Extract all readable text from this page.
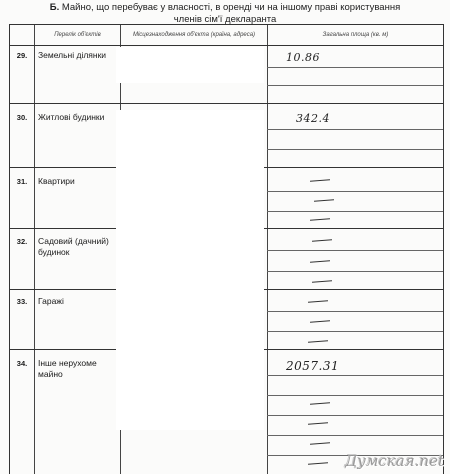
Б. Майно, що перебуває у власності, в оренді чи на іншому праві користування
членів сім'ї декларанта
Перелік об'єктів	Місцезнаходження об'єкта (країна, адреса)	Загальна площа (кв. м)
29.
30.
31.
32.
33.
34.
Земельні ділянки
Житлові будинки
Квартири
Садовий (дачний) будинок
Гаражі
Інше нерухоме майно
10.86
342.4
2057.31
Думская.net
